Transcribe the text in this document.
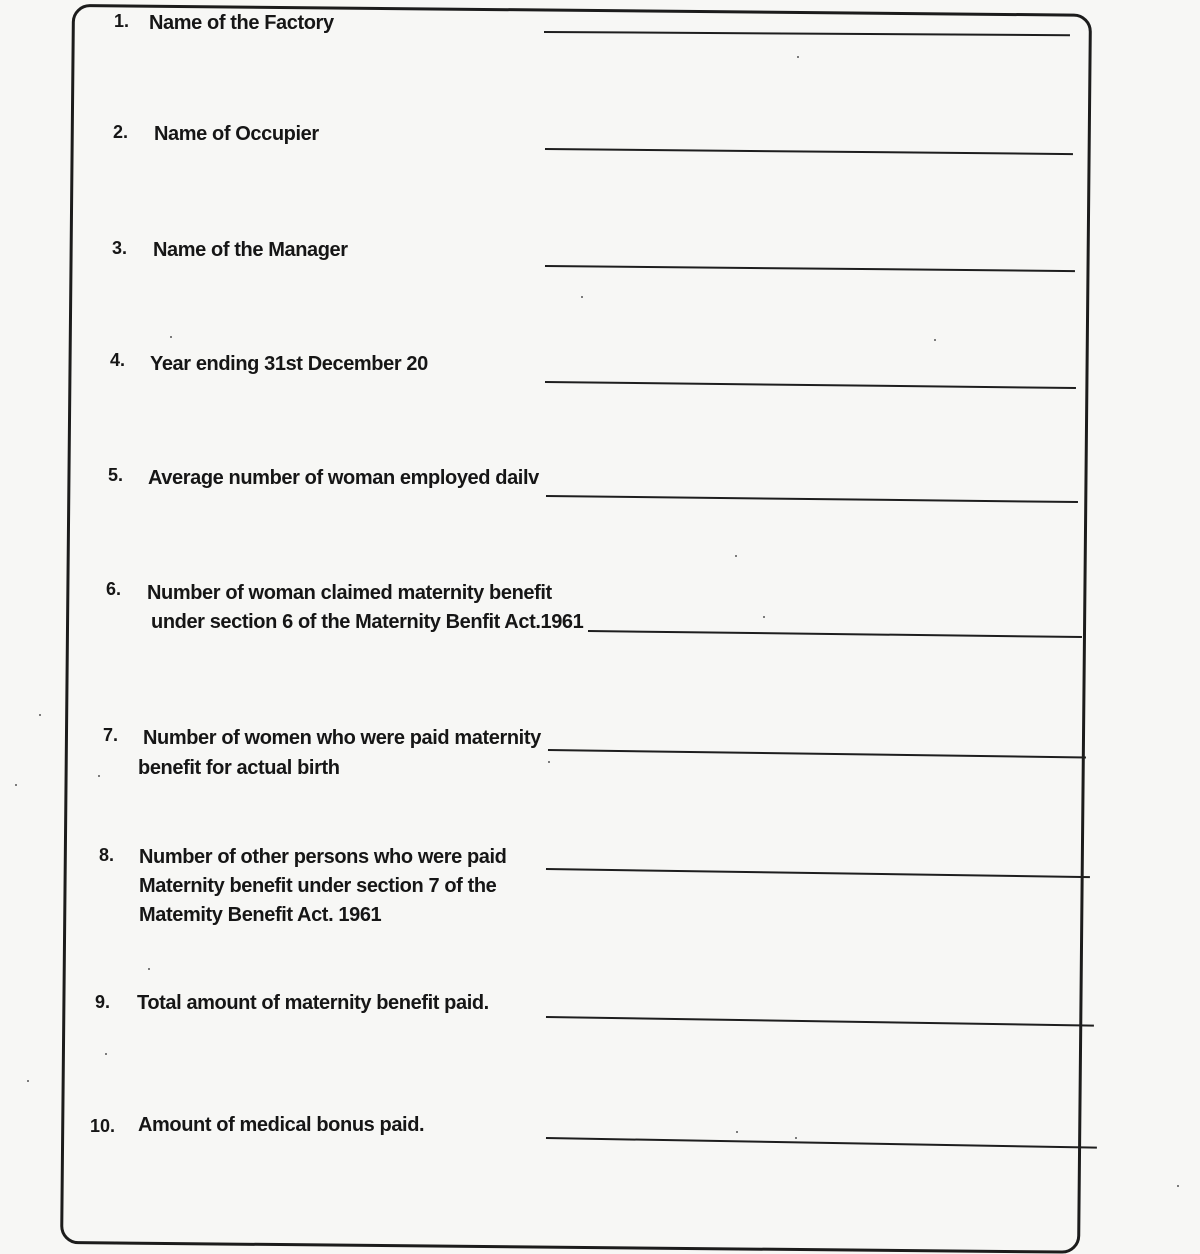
1. Name of the Factory
2. Name of Occupier
3. Name of the Manager
4. Year ending 31st December 20
5. Average number of woman employed dailv
6. Number of woman claimed maternity benefit
under section 6 of the Maternity Benfit Act.1961
7. Number of women who were paid maternity
benefit for actual birth
8. Number of other persons who were paid
Maternity benefit under section 7 of the
Matemity Benefit Act. 1961
9. Total amount of maternity benefit paid.
10. Amount of medical bonus paid.
